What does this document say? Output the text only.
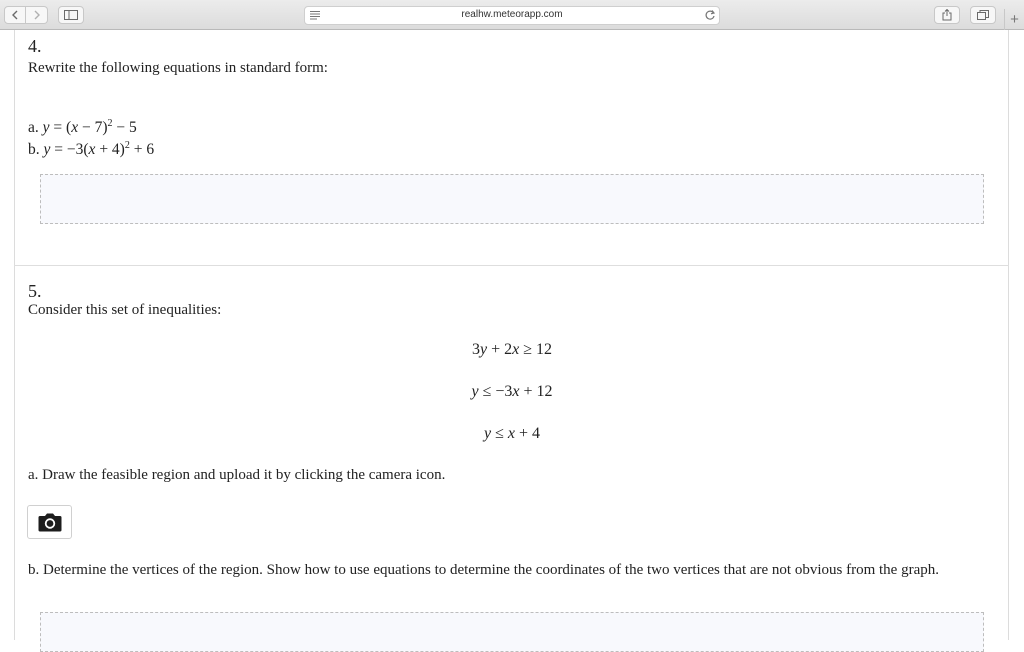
realhw.meteorapp.com	+
4.
Rewrite the following equations in standard form:
a. $y = (x - 7)^2 - 5$
b. $y = -3(x + 4)^2 + 6$
5.
Consider this set of inequalities:
3y + 2x ≥ 12
y ≤ −3x + 12
y ≤ x + 4
a. Draw the feasible region and upload it by clicking the camera icon.
b. Determine the vertices of the region. Show how to use equations to determine the coordinates of the two vertices that are not obvious from the graph.
